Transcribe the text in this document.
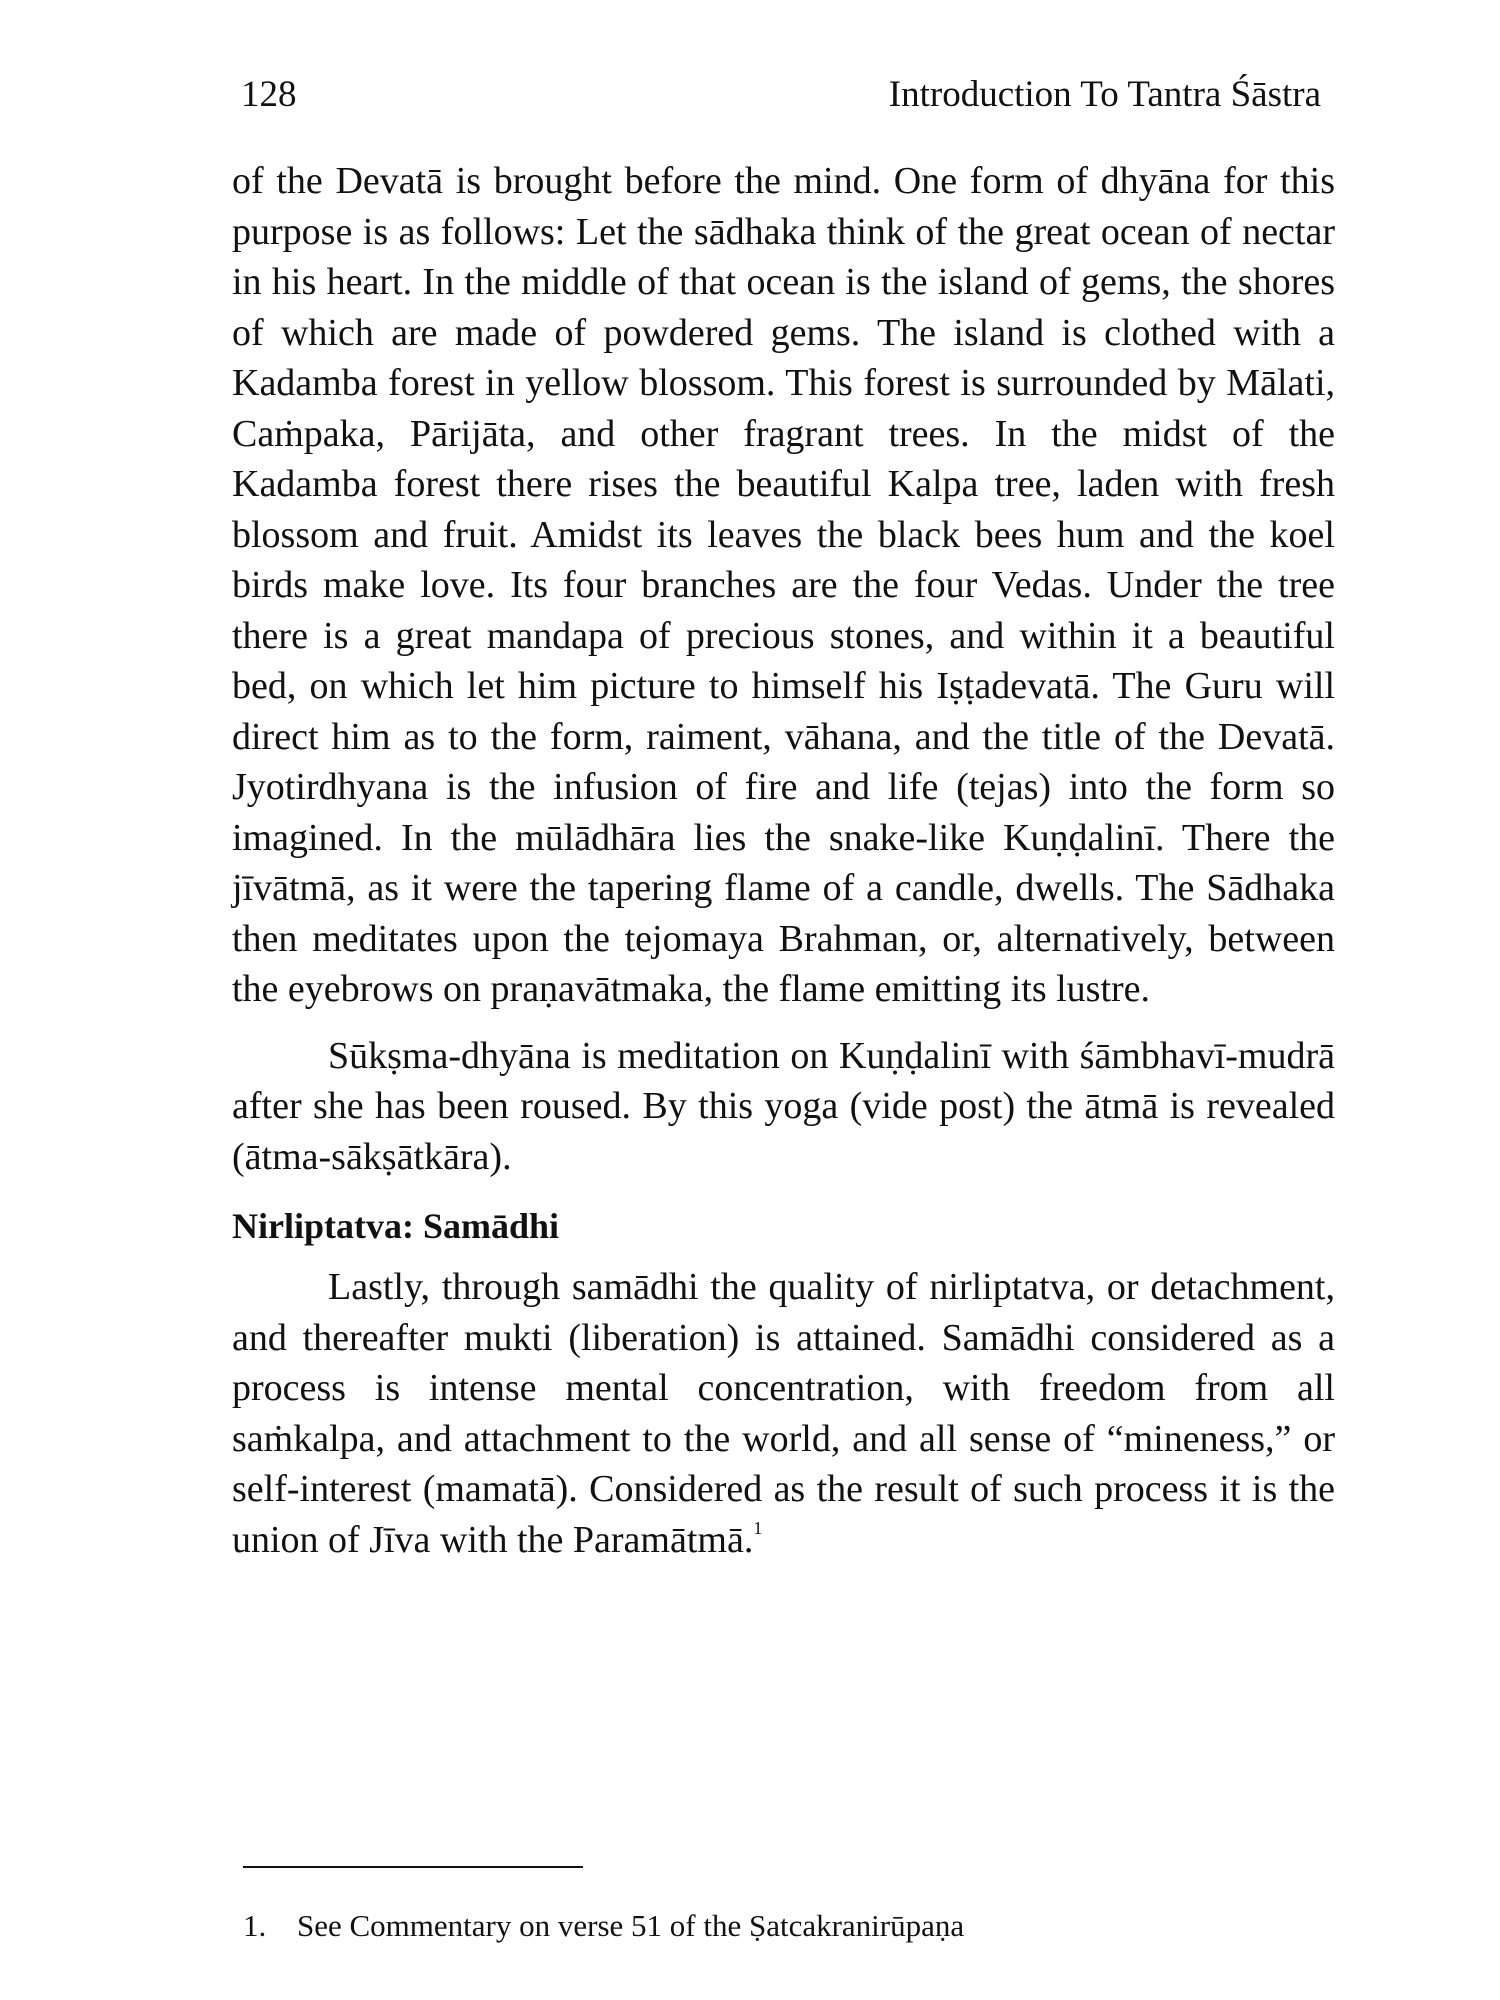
128	Introduction To Tantra Śāstra

of the Devatā is brought before the mind. One form of dhyāna for this purpose is as follows: Let the sādhaka think of the great ocean of nectar in his heart. In the middle of that ocean is the island of gems, the shores of which are made of powdered gems. The island is clothed with a Kadamba forest in yellow blossom. This forest is surrounded by Mālati, Caṁpaka, Pārijāta, and other fragrant trees. In the midst of the Kadamba forest there rises the beautiful Kalpa tree, laden with fresh blossom and fruit. Amidst its leaves the black bees hum and the koel birds make love. Its four branches are the four Vedas. Under the tree there is a great mandapa of precious stones, and within it a beautiful bed, on which let him picture to himself his Iṣṭadevatā. The Guru will direct him as to the form, raiment, vāhana, and the title of the Devatā. Jyotirdhyana is the infusion of fire and life (tejas) into the form so imagined. In the mūlādhāra lies the snake-like Kuṇḍalinī. There the jīvātmā, as it were the tapering flame of a candle, dwells. The Sādhaka then meditates upon the tejomaya Brahman, or, alternatively, between the eyebrows on praṇavātmaka, the flame emitting its lustre.

Sūkṣma-dhyāna is meditation on Kuṇḍalinī with śāmbhavī-mudrā after she has been roused. By this yoga (vide post) the ātmā is revealed (ātma-sākṣātkāra).

Nirliptatva: Samādhi

Lastly, through samādhi the quality of nirliptatva, or detachment, and thereafter mukti (liberation) is attained. Samādhi considered as a process is intense mental concentration, with freedom from all saṁkalpa, and attachment to the world, and all sense of “mineness,” or self-interest (mamatā). Considered as the result of such process it is the union of Jīva with the Paramātmā.$^1$

1. See Commentary on verse 51 of the Ṣatcakranirūpaṇa
